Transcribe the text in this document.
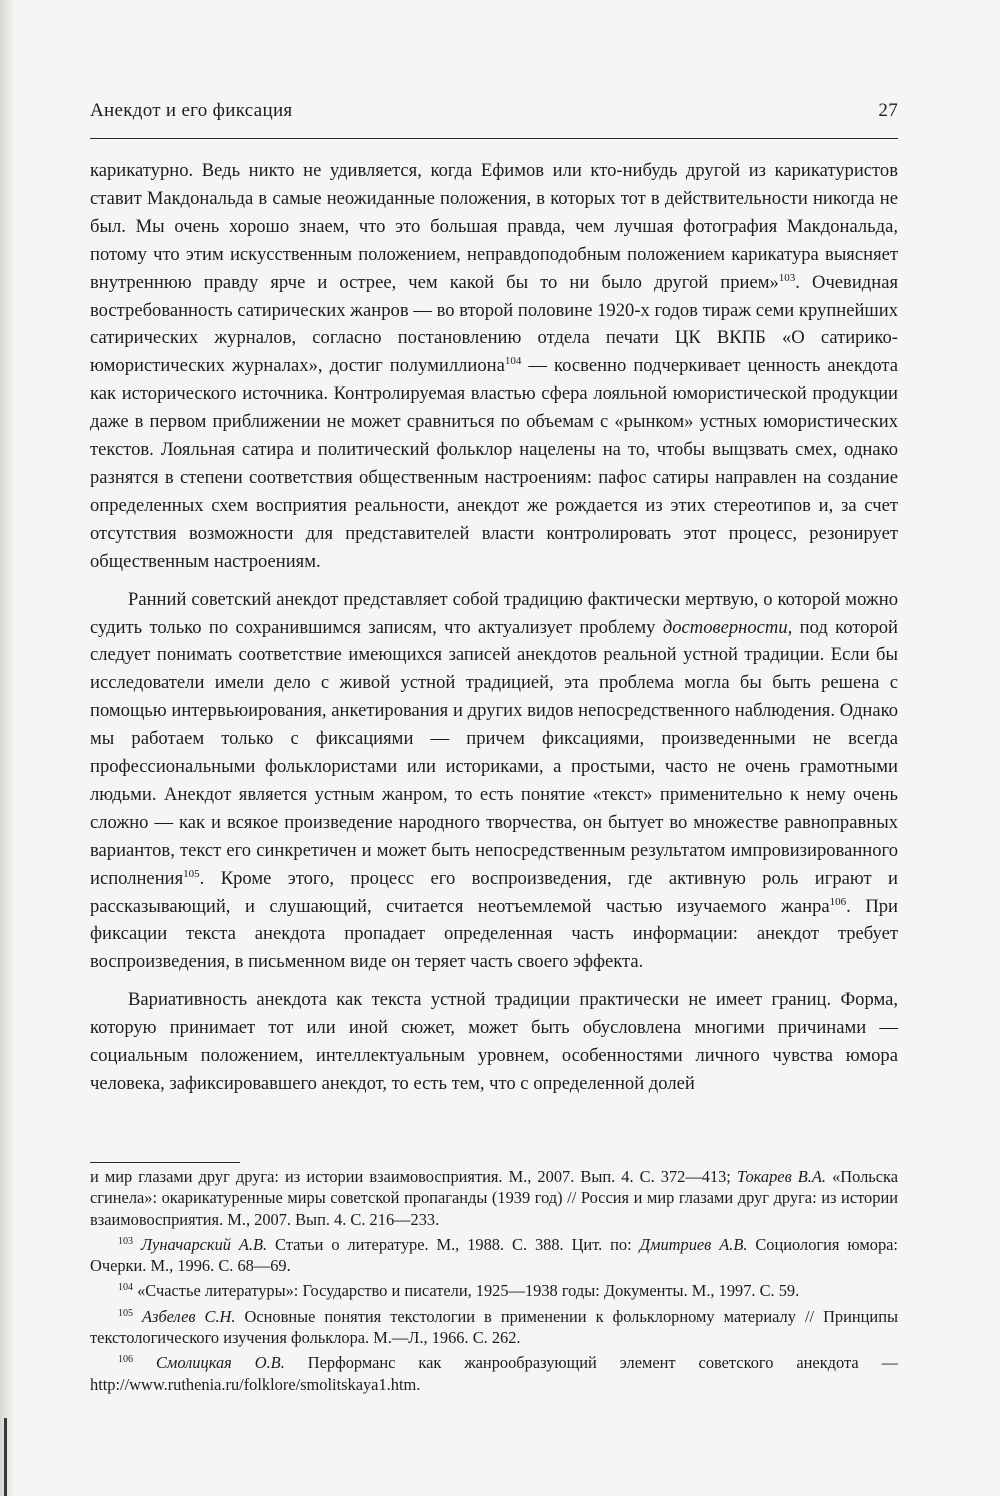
Анекдот и его фиксация	27

карикатурно. Ведь никто не удивляется, когда Ефимов или кто-нибудь другой из карикатуристов ставит Макдональда в самые неожиданные положения, в которых тот в действительности никогда не был. Мы очень хорошо знаем, что это большая правда, чем лучшая фотография Макдональда, потому что этим искусственным положением, неправдоподобным положением карикатура выясняет внутреннюю правду ярче и острее, чем какой бы то ни было другой прием»$^{103}$. Очевидная востребованность сатирических жанров — во второй половине 1920-х годов тираж семи крупнейших сатирических журналов, согласно постановлению отдела печати ЦК ВКПБ «О сатирико-юмористических журналах», достиг полумиллиона$^{104}$ — косвенно подчеркивает ценность анекдота как исторического источника. Контролируемая властью сфера лояльной юмористической продукции даже в первом приближении не может сравниться по объемам с «рынком» устных юмористических текстов. Лояльная сатира и политический фольклор нацелены на то, чтобы выщзвать смех, однако разнятся в степени соответствия общественным настроениям: пафос сатиры направлен на создание определенных схем восприятия реальности, анекдот же рождается из этих стереотипов и, за счет отсутствия возможности для представителей власти контролировать этот процесс, резонирует общественным настроениям.

Ранний советский анекдот представляет собой традицию фактически мертвую, о которой можно судить только по сохранившимся записям, что актуализует проблему достоверности, под которой следует понимать соответствие имеющихся записей анекдотов реальной устной традиции. Если бы исследователи имели дело с живой устной традицией, эта проблема могла бы быть решена с помощью интервьюирования, анкетирования и других видов непосредственного наблюдения. Однако мы работаем только с фиксациями — причем фиксациями, произведенными не всегда профессиональными фольклористами или историками, а простыми, часто не очень грамотными людьми. Анекдот является устным жанром, то есть понятие «текст» применительно к нему очень сложно — как и всякое произведение народного творчества, он бытует во множестве равноправных вариантов, текст его синкретичен и может быть непосредственным результатом импровизированного исполнения$^{105}$. Кроме этого, процесс его воспроизведения, где активную роль играют и рассказывающий, и слушающий, считается неотъемлемой частью изучаемого жанра$^{106}$. При фиксации текста анекдота пропадает определенная часть информации: анекдот требует воспроизведения, в письменном виде он теряет часть своего эффекта.

Вариативность анекдота как текста устной традиции практически не имеет границ. Форма, которую принимает тот или иной сюжет, может быть обусловлена многими причинами — социальным положением, интеллектуальным уровнем, особенностями личного чувства юмора человека, зафиксировавшего анекдот, то есть тем, что с определенной долей

и мир глазами друг друга: из истории взаимовосприятия. М., 2007. Вып. 4. С. 372—413; Токарев В.А. «Польска сгинела»: окарикатуренные миры советской пропаганды (1939 год) // Россия и мир глазами друг друга: из истории взаимовосприятия. М., 2007. Вып. 4. С. 216—233.

$^{103}$ Луначарский А.В. Статьи о литературе. М., 1988. С. 388. Цит. по: Дмитриев А.В. Социология юмора: Очерки. М., 1996. С. 68—69.

$^{104}$ «Счастье литературы»: Государство и писатели, 1925—1938 годы: Документы. М., 1997. С. 59.

$^{105}$ Азбелев С.Н. Основные понятия текстологии в применении к фольклорному материалу // Принципы текстологического изучения фольклора. М.—Л., 1966. С. 262.

$^{106}$ Смолицкая О.В. Перформанс как жанрообразующий элемент советского анекдота — http://www.ruthenia.ru/folklore/smolitskaya1.htm.
